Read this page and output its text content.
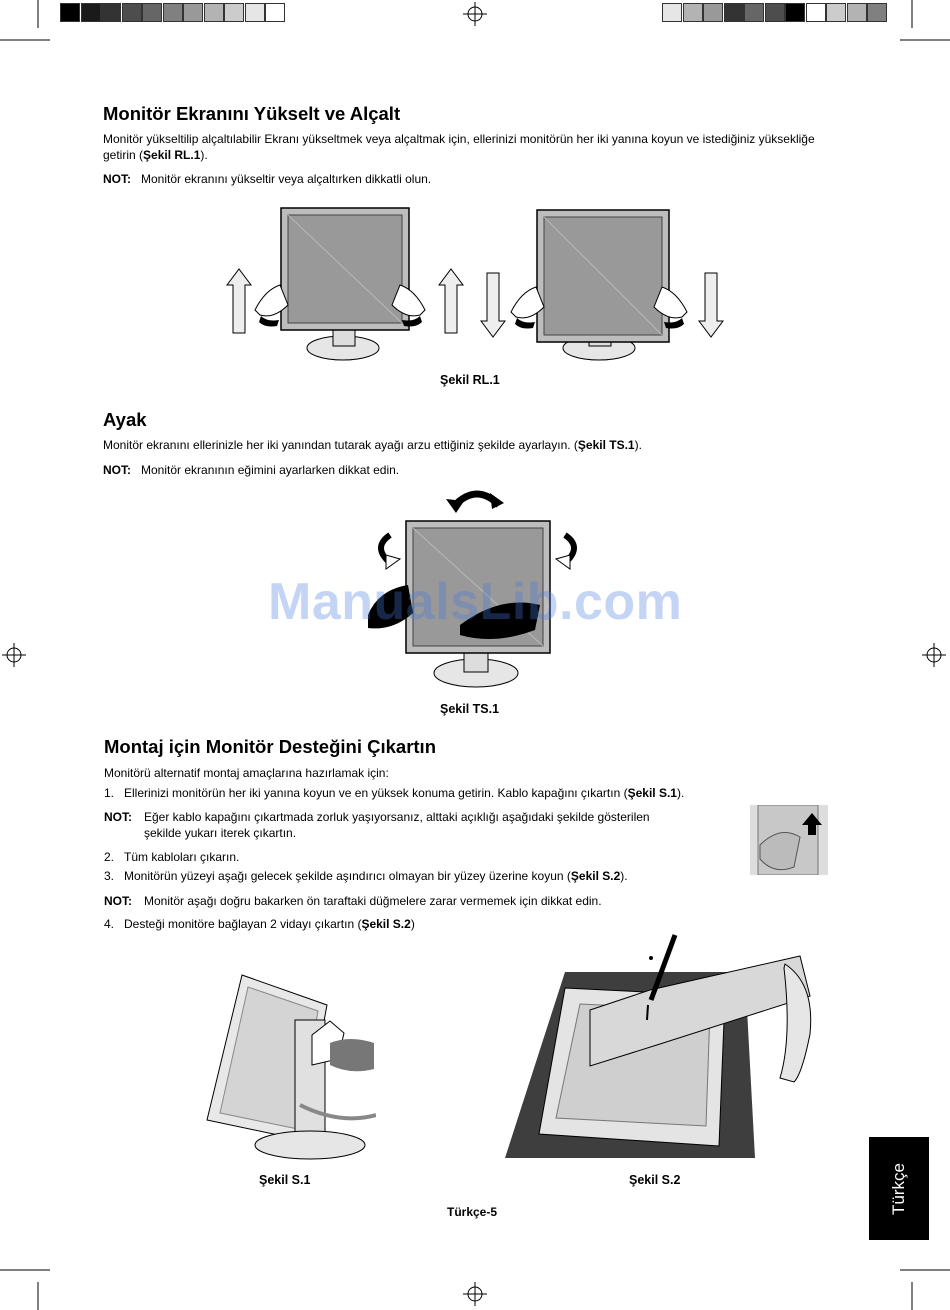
Monitör Ekranını Yükselt ve Alçalt

Monitör yükseltilip alçaltılabilir Ekranı yükseltmek veya alçaltmak için, ellerinizi monitörün her iki yanına koyun ve istediğiniz yüksekliğe getirin (Şekil RL.1).

NOT: Monitör ekranını yükseltir veya alçaltırken dikkatli olun.

Şekil RL.1
Ayak

Monitör ekranını ellerinizle her iki yanından tutarak ayağı arzu ettiğiniz şekilde ayarlayın. (Şekil TS.1).

NOT: Monitör ekranının eğimini ayarlarken dikkat edin.

ManualsLib.com
Şekil TS.1
Montaj için Monitör Desteğini Çıkartın

Monitörü alternatif montaj amaçlarına hazırlamak için:

1. Ellerinizi monitörün her iki yanına koyun ve en yüksek konuma getirin. Kablo kapağını çıkartın (Şekil S.1).
NOT: Eğer kablo kapağını çıkartmada zorluk yaşıyorsanız, alttaki açıklığı aşağıdaki şekilde gösterilen
şekilde yukarı iterek çıkartın.
2. Tüm kabloları çıkarın.
3. Monitörün yüzeyi aşağı gelecek şekilde aşındırıcı olmayan bir yüzey üzerine koyun (Şekil S.2).
NOT: Monitör aşağı doğru bakarken ön taraftaki düğmelere zarar vermemek için dikkat edin.
4. Desteği monitöre bağlayan 2 vidayı çıkartın (Şekil S.2)
Şekil S.1	Şekil S.2
Türkçe-5	Türkçe
